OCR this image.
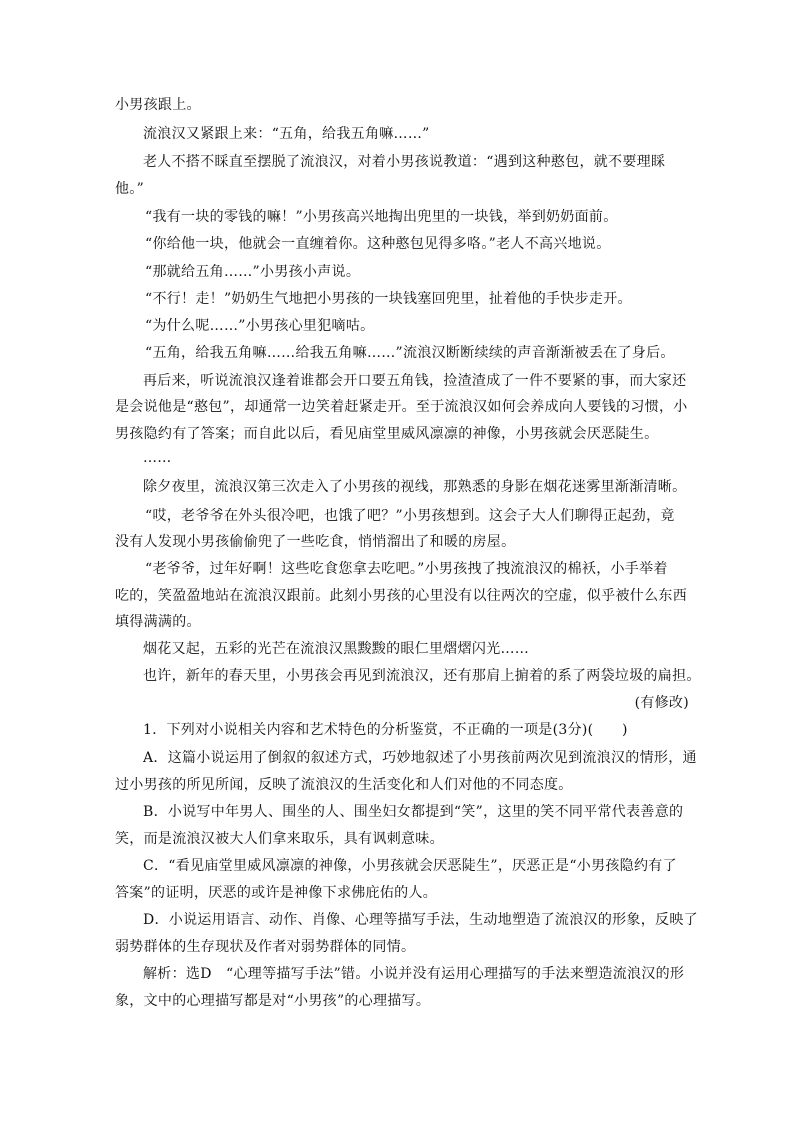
小男孩跟上。
流浪汉又紧跟上来：“五角，给我五角嘛……”
老人不搭不睬直至摆脱了流浪汉，对着小男孩说教道：“遇到这种憨包，就不要理睬
他。”
“我有一块的零钱的嘛！”小男孩高兴地掏出兜里的一块钱，举到奶奶面前。
“你给他一块，他就会一直缠着你。这种憨包见得多咯。”老人不高兴地说。
“那就给五角……”小男孩小声说。
“不行！走！”奶奶生气地把小男孩的一块钱塞回兜里，扯着他的手快步走开。
“为什么呢……”小男孩心里犯嘀咕。
“五角，给我五角嘛……给我五角嘛……”流浪汉断断续续的声音渐渐被丢在了身后。
再后来，听说流浪汉逢着谁都会开口要五角钱，捡渣渣成了一件不要紧的事，而大家还
是会说他是“憨包”，却通常一边笑着赶紧走开。至于流浪汉如何会养成向人要钱的习惯，小
男孩隐约有了答案；而自此以后，看见庙堂里威风凛凛的神像，小男孩就会厌恶陡生。
……
除夕夜里，流浪汉第三次走入了小男孩的视线，那熟悉的身影在烟花迷雾里渐渐清晰。
“哎，老爷爷在外头很冷吧，也饿了吧？”小男孩想到。这会子大人们聊得正起劲，竟
没有人发现小男孩偷偷兜了一些吃食，悄悄溜出了和暖的房屋。
“老爷爷，过年好啊！这些吃食您拿去吃吧。”小男孩拽了拽流浪汉的棉袄，小手举着
吃的，笑盈盈地站在流浪汉跟前。此刻小男孩的心里没有以往两次的空虚，似乎被什么东西
填得满满的。
烟花又起，五彩的光芒在流浪汉黑黢黢的眼仁里熠熠闪光……
也许，新年的春天里，小男孩会再见到流浪汉，还有那肩上掮着的系了两袋垃圾的扁担。
(有修改)
1．下列对小说相关内容和艺术特色的分析鉴赏，不正确的一项是(3分)(　　)
A．这篇小说运用了倒叙的叙述方式，巧妙地叙述了小男孩前两次见到流浪汉的情形，通
过小男孩的所见所闻，反映了流浪汉的生活变化和人们对他的不同态度。
B．小说写中年男人、围坐的人、围坐妇女都提到“笑”，这里的笑不同平常代表善意的
笑，而是流浪汉被大人们拿来取乐，具有讽刺意味。
C．“看见庙堂里威风凛凛的神像，小男孩就会厌恶陡生”，厌恶正是“小男孩隐约有了
答案”的证明，厌恶的或许是神像下求佛庇佑的人。
D．小说运用语言、动作、肖像、心理等描写手法，生动地塑造了流浪汉的形象，反映了
弱势群体的生存现状及作者对弱势群体的同情。
解析：选D　“心理等描写手法”错。小说并没有运用心理描写的手法来塑造流浪汉的形
象，文中的心理描写都是对“小男孩”的心理描写。
